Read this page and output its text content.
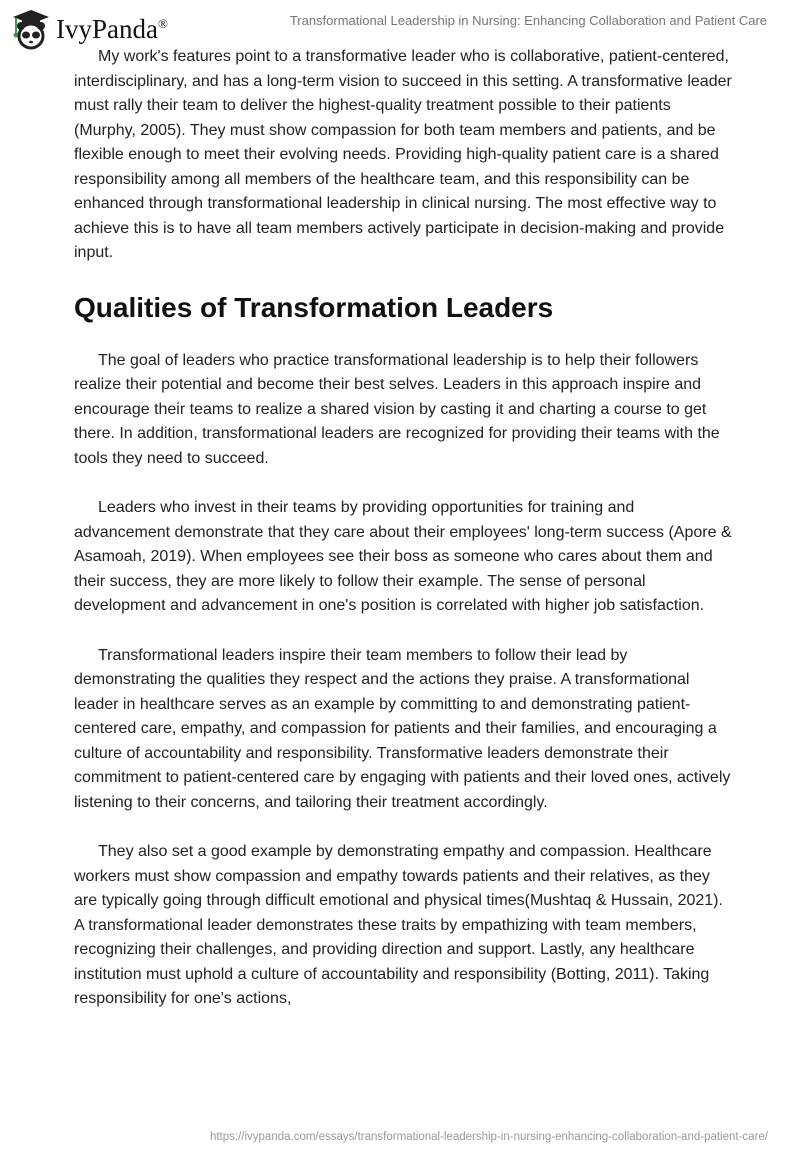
IvyPanda®	Transformational Leadership in Nursing: Enhancing Collaboration and Patient Care

My work's features point to a transformative leader who is collaborative, patient-centered, interdisciplinary, and has a long-term vision to succeed in this setting. A transformative leader must rally their team to deliver the highest-quality treatment possible to their patients (Murphy, 2005). They must show compassion for both team members and patients, and be flexible enough to meet their evolving needs. Providing high-quality patient care is a shared responsibility among all members of the healthcare team, and this responsibility can be enhanced through transformational leadership in clinical nursing. The most effective way to achieve this is to have all team members actively participate in decision-making and provide input.

Qualities of Transformation Leaders

The goal of leaders who practice transformational leadership is to help their followers realize their potential and become their best selves. Leaders in this approach inspire and encourage their teams to realize a shared vision by casting it and charting a course to get there. In addition, transformational leaders are recognized for providing their teams with the tools they need to succeed.

Leaders who invest in their teams by providing opportunities for training and advancement demonstrate that they care about their employees' long-term success (Apore & Asamoah, 2019). When employees see their boss as someone who cares about them and their success, they are more likely to follow their example. The sense of personal development and advancement in one's position is correlated with higher job satisfaction.

Transformational leaders inspire their team members to follow their lead by demonstrating the qualities they respect and the actions they praise. A transformational leader in healthcare serves as an example by committing to and demonstrating patient-centered care, empathy, and compassion for patients and their families, and encouraging a culture of accountability and responsibility. Transformative leaders demonstrate their commitment to patient-centered care by engaging with patients and their loved ones, actively listening to their concerns, and tailoring their treatment accordingly.

They also set a good example by demonstrating empathy and compassion. Healthcare workers must show compassion and empathy towards patients and their relatives, as they are typically going through difficult emotional and physical times(Mushtaq & Hussain, 2021). A transformational leader demonstrates these traits by empathizing with team members, recognizing their challenges, and providing direction and support. Lastly, any healthcare institution must uphold a culture of accountability and responsibility (Botting, 2011). Taking responsibility for one's actions,

https://ivypanda.com/essays/transformational-leadership-in-nursing-enhancing-collaboration-and-patient-care/
